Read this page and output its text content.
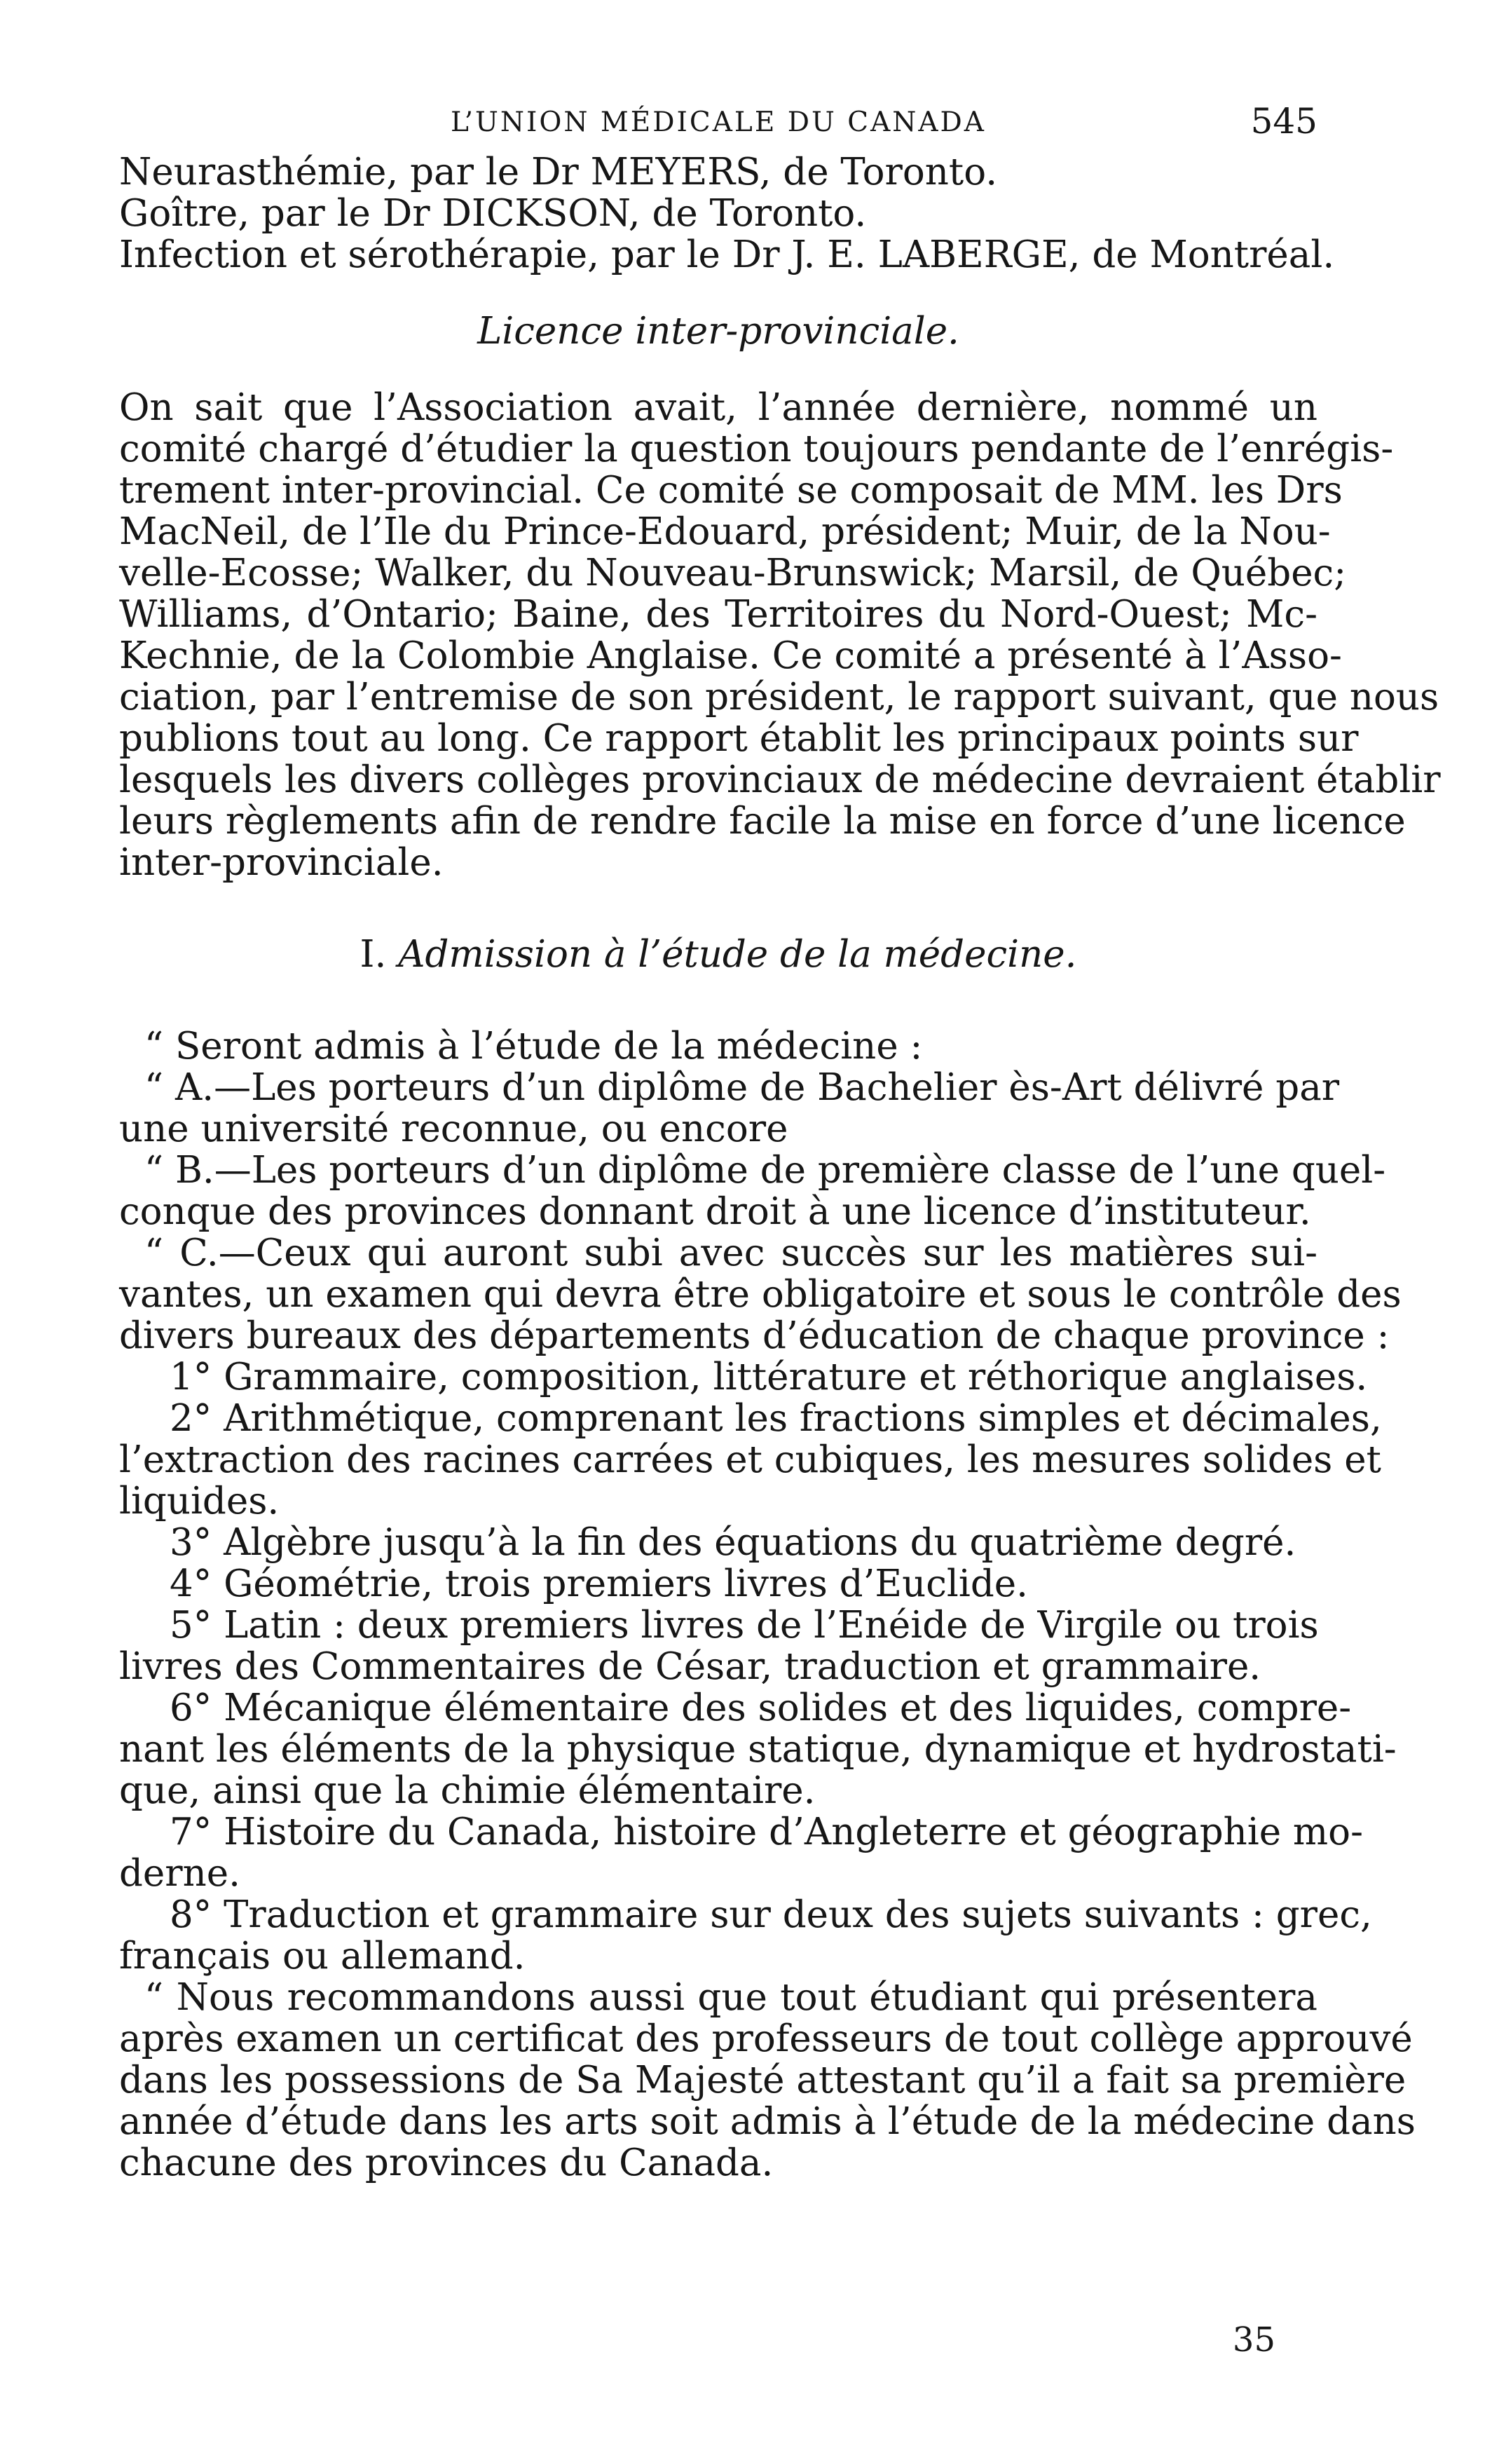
L’UNION MÉDICALE DU CANADA	545
Neurasthémie, par le Dr MEYERS, de Toronto.
Goître, par le Dr DICKSON, de Toronto.
Infection et sérothérapie, par le Dr J. E. LABERGE, de Montréal.
Licence inter-provinciale.
On sait que l’Association avait, l’année dernière, nommé un
comité chargé d’étudier la question toujours pendante de l’enrégis-
trement inter-provincial. Ce comité se composait de MM. les Drs
MacNeil, de l’Ile du Prince-Edouard, président; Muir, de la Nou-
velle-Ecosse; Walker, du Nouveau-Brunswick; Marsil, de Québec;
Williams, d’Ontario; Baine, des Territoires du Nord-Ouest; Mc-
Kechnie, de la Colombie Anglaise. Ce comité a présenté à l’Asso-
ciation, par l’entremise de son président, le rapport suivant, que nous
publions tout au long. Ce rapport établit les principaux points sur
lesquels les divers collèges provinciaux de médecine devraient établir
leurs règlements afin de rendre facile la mise en force d’une licence
inter-provinciale.
I. Admission à l’étude de la médecine.
“ Seront admis à l’étude de la médecine :
“ A.—Les porteurs d’un diplôme de Bachelier ès-Art délivré par
une université reconnue, ou encore
“ B.—Les porteurs d’un diplôme de première classe de l’une quel-
conque des provinces donnant droit à une licence d’instituteur.
“ C.—Ceux qui auront subi avec succès sur les matières sui-
vantes, un examen qui devra être obligatoire et sous le contrôle des
divers bureaux des départements d’éducation de chaque province :
1° Grammaire, composition, littérature et réthorique anglaises.
2° Arithmétique, comprenant les fractions simples et décimales,
l’extraction des racines carrées et cubiques, les mesures solides et
liquides.
3° Algèbre jusqu’à la fin des équations du quatrième degré.
4° Géométrie, trois premiers livres d’Euclide.
5° Latin : deux premiers livres de l’Enéide de Virgile ou trois
livres des Commentaires de César, traduction et grammaire.
6° Mécanique élémentaire des solides et des liquides, compre-
nant les éléments de la physique statique, dynamique et hydrostati-
que, ainsi que la chimie élémentaire.
7° Histoire du Canada, histoire d’Angleterre et géographie mo-
derne.
8° Traduction et grammaire sur deux des sujets suivants : grec,
français ou allemand.
“ Nous recommandons aussi que tout étudiant qui présentera
après examen un certificat des professeurs de tout collège approuvé
dans les possessions de Sa Majesté attestant qu’il a fait sa première
année d’étude dans les arts soit admis à l’étude de la médecine dans
chacune des provinces du Canada.
35
